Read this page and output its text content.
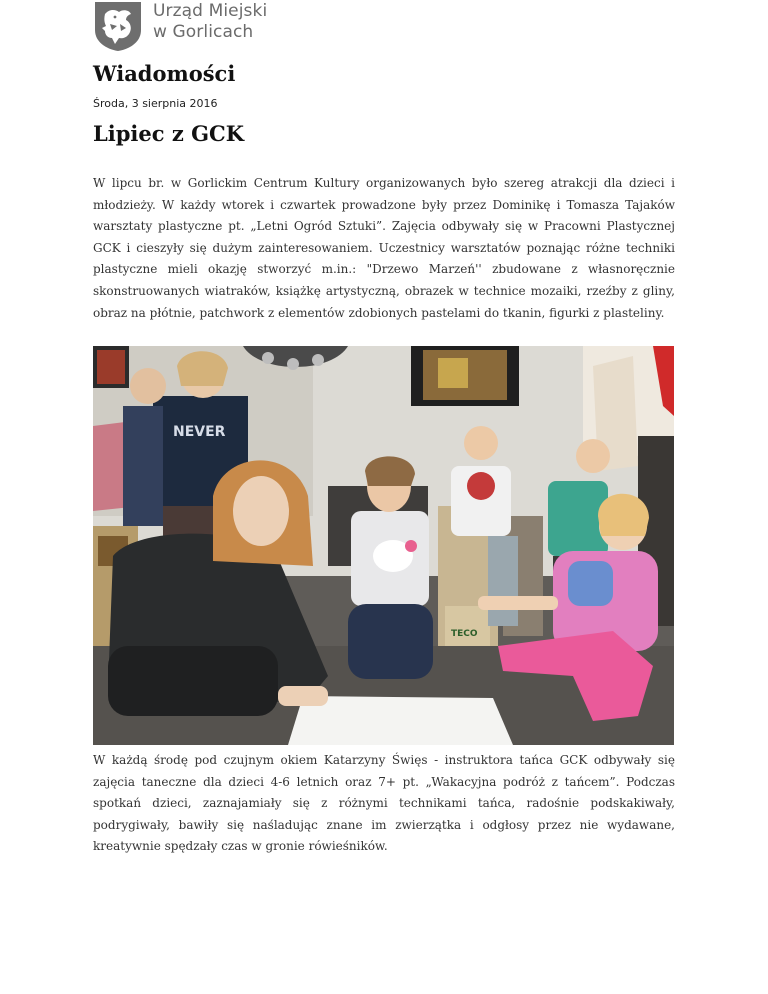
Urząd Miejski
w Gorlicach
Wiadomości
Środa, 3 sierpnia 2016
Lipiec z GCK

W lipcu br. w Gorlickim Centrum Kultury organizowanych było szereg atrakcji dla dzieci i młodzieży. W każdy wtorek i czwartek prowadzone były przez Dominikę i Tomasza Tajaków warsztaty plastyczne pt. „Letni Ogród Sztuki”. Zajęcia odbywały się w Pracowni Plastycznej GCK i cieszyły się dużym zainteresowaniem. Uczestnicy warsztatów poznając różne techniki plastyczne mieli okazję stworzyć m.in.: "Drzewo Marzeń'' zbudowane z własnoręcznie skonstruowanych wiatraków, książkę artystyczną, obrazek w technice mozaiki, rzeźby z gliny, obraz na płótnie, patchwork z elementów zdobionych pastelami do tkanin, figurki z plasteliny.

TECO
NEVER

W każdą środę pod czujnym okiem Katarzyny Święs - instruktora tańca GCK odbywały się zajęcia taneczne dla dzieci 4-6 letnich oraz 7+ pt. „Wakacyjna podróż z tańcem”. Podczas spotkań dzieci, zaznajamiały się z różnymi technikami tańca, radośnie podskakiwały, podrygiwały, bawiły się naśladując znane im zwierzątka i odgłosy przez nie wydawane, kreatywnie spędzały czas w gronie rówieśników.
